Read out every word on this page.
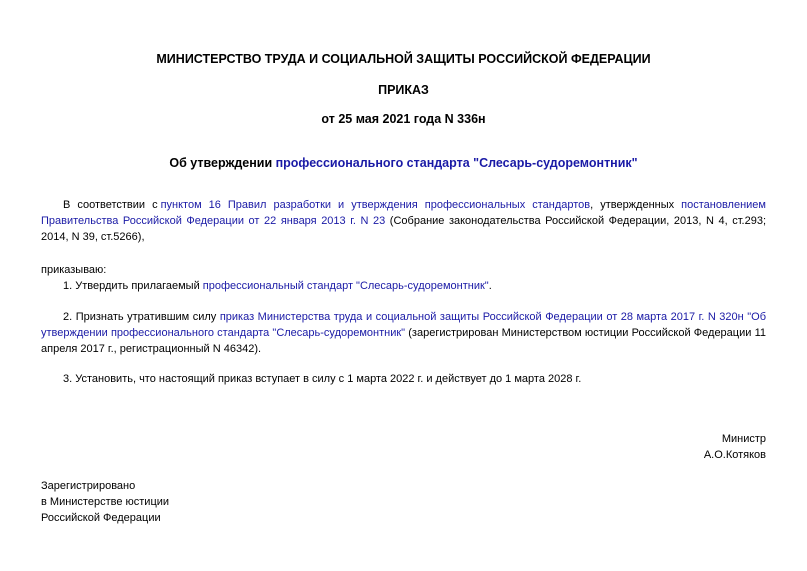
МИНИСТЕРСТВО ТРУДА И СОЦИАЛЬНОЙ ЗАЩИТЫ РОССИЙСКОЙ ФЕДЕРАЦИИ
ПРИКАЗ
от 25 мая 2021 года N 336н
Об утверждении профессионального стандарта "Слесарь-судоремонтник"
В соответствии с пунктом 16 Правил разработки и утверждения профессиональных стандартов, утвержденных постановлением Правительства Российской Федерации от 22 января 2013 г. N 23 (Собрание законодательства Российской Федерации, 2013, N 4, ст.293; 2014, N 39, ст.5266),
приказываю:
1. Утвердить прилагаемый профессиональный стандарт "Слесарь-судоремонтник".
2. Признать утратившим силу приказ Министерства труда и социальной защиты Российской Федерации от 28 марта 2017 г. N 320н "Об утверждении профессионального стандарта "Слесарь-судоремонтник" (зарегистрирован Министерством юстиции Российской Федерации 11 апреля 2017 г., регистрационный N 46342).
3. Установить, что настоящий приказ вступает в силу с 1 марта 2022 г. и действует до 1 марта 2028 г.
Министр
А.О.Котяков
Зарегистрировано
в Министерстве юстиции
Российской Федерации
